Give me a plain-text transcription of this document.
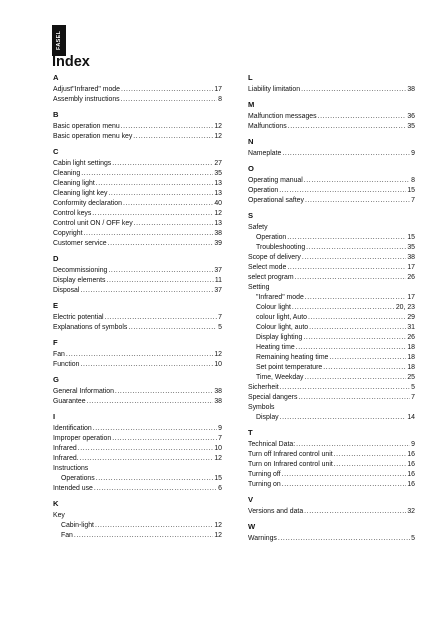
FASEL
Index
A
Adjust"Infrared" mode .....	17
Assembly instructions .....	8
B
Basic operation menu .....	12
Basic operation menu key .....	12
C
Cabin light settings .....	27
Cleaning .....	35
Cleaning light .....	13
Cleaning light key .....	13
Conformity declaration .....	40
Control keys .....	12
Control unit ON / OFF key .....	13
Copyright .....	38
Customer service .....	39
D
Decommissioning .....	37
Display elements .....	11
Disposal .....	37
E
Electric potential .....	7
Explanations of symbols .....	5
F
Fan .....	12
Function .....	10
G
General Information .....	38
Guarantee .....	38
I
Identification .....	9
Improper operation .....	7
Infrared .....	10
Infrared. .....	12
Instructions
Operations .....	15
Intended use .....	6
K
Key
Cabin-light .....	12
Fan .....	12
L
Liability limitation .....	38
M
Malfunction messages .....	36
Malfunctions .....	35
N
Nameplate .....	9
O
Operating manual .....	8
Operation .....	15
Operational saftey .....	7
S
Safety
Operation .....	15
Troubleshooting .....	35
Scope of delivery .....	38
Select mode .....	17
select program .....	26
Setting
"Infrared" mode .....	17
Colour light .....	20, 23
colour light, Auto .....	29
Colour light, auto .....	31
Display lighting .....	26
Heating time .....	18
Remaining heating time .....	18
Set point temperature .....	18
Time, Weekday .....	25
Sicherheit .....	5
Special dangers .....	7
Symbols
Display .....	14
T
Technical Data: .....	9
Turn off Infrared control unit .....	16
Turn on Infrared control unit .....	16
Turning off .....	16
Turning on .....	16
V
Versions and data .....	32
W
Warnings .....	5
